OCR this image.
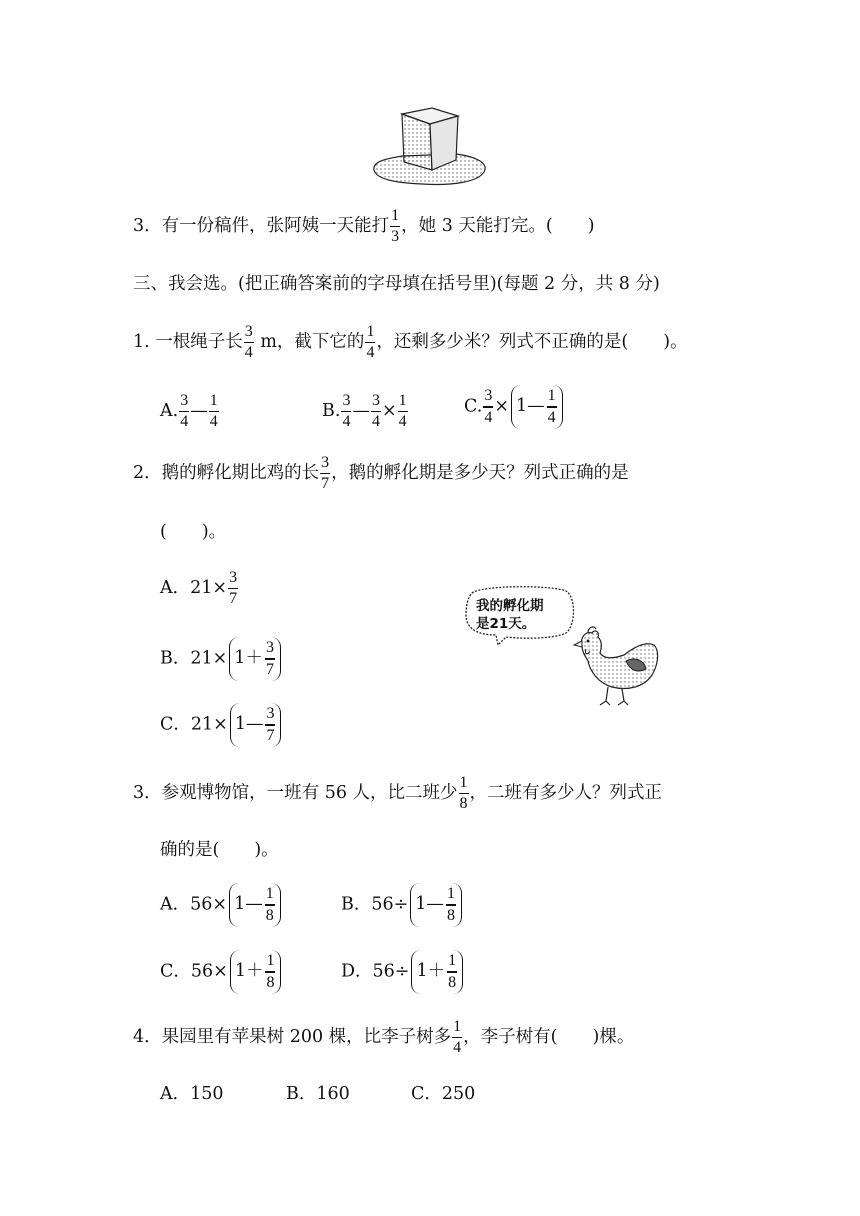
3．有一份稿件，张阿姨一天能打 $\frac{1}{3}$ ，她 3 天能打完。(　　)
三、我会选。(把正确答案前的字母填在括号里)(每题 2 分，共 8 分)
1. 一根绳子长 $\frac{3}{4}$ m，截下它的 $\frac{1}{4}$ ，还剩多少米？列式不正确的是(　　)。
A. $\frac{3}{4}$ — $\frac{1}{4}$	B. $\frac{3}{4}$ — $\frac{3}{4} \times \frac{1}{4}$	C. $\frac{3}{4}$ × 1— $\frac{1}{4}$
2．鹅的孵化期比鸡的长 $\frac{3}{7}$ ，鹅的孵化期是多少天？列式正确的是
(　　)。
A．$21\times \frac{3}{7}$
B．$21\times 1+ \frac{3}{7}$
C．21× 1— $\frac{3}{7}$
我的孵化期
是21天。
3．参观博物馆，一班有 56 人，比二班少 $\frac{1}{8}$ ，二班有多少人？列式正
确的是(　　)。
A．56× 1— $\frac{1}{8}$	B．56÷ 1— $\frac{1}{8}$
C．$56\times 1+ \frac{1}{8}$	D．$56\div 1+ \frac{1}{8}$
4．果园里有苹果树 200 棵，比李子树多 $\frac{1}{4}$ ，李子树有(　　)棵。
A．150	B．160	C．250
